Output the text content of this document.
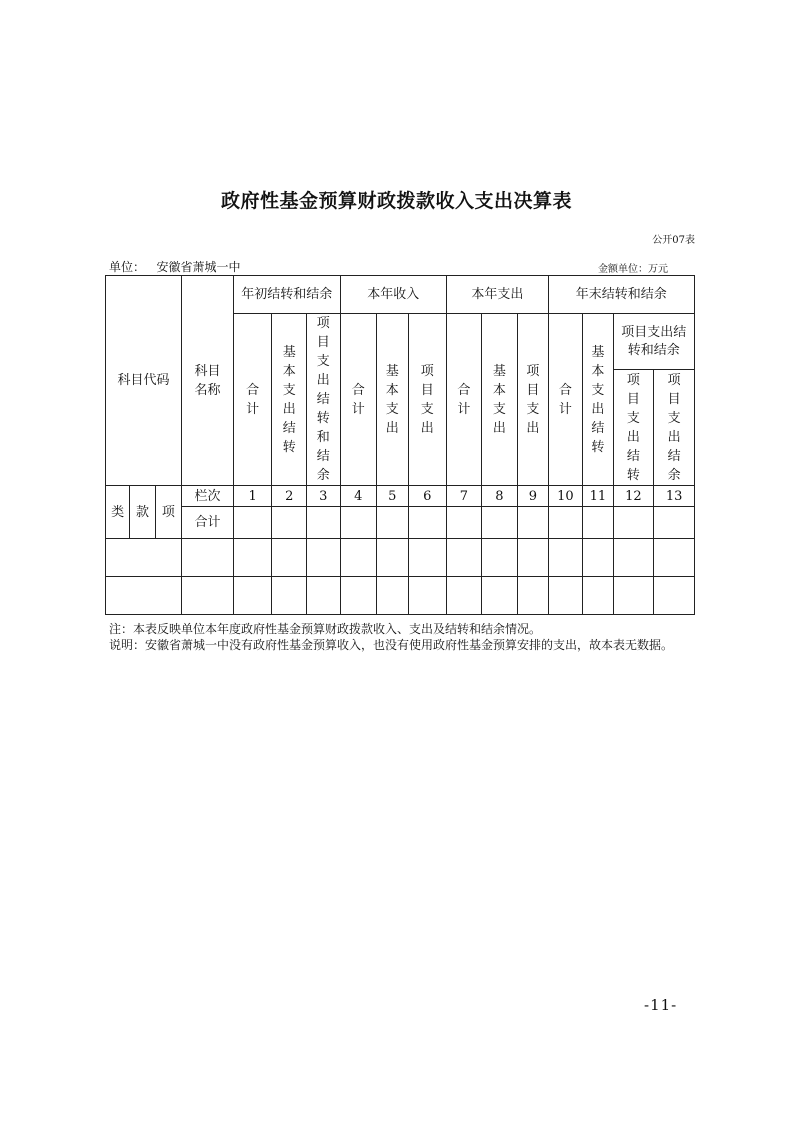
政府性基金预算财政拨款收入支出决算表
公开07表
单位： 安徽省萧城一中	金额单位：万元
科目代码			科目名称	年初结转和结余			本年收入			本年支出			年末结转和结余			
				合计	基本支出结转	项目支出结转和结余	合计	基本支出	项目支出	合计	基本支出	项目支出	合计	基本支出结转	项目支出结转和结余	
															项目支出结转	项目支出结余

类	款	项	栏次	1	2	3	4	5	6	7	8	9	10	11	12	13
			合计													

注：本表反映单位本年度政府性基金预算财政拨款收入、支出及结转和结余情况。
说明：安徽省萧城一中没有政府性基金预算收入，也没有使用政府性基金预算安排的支出，故本表无数据。
-11-
